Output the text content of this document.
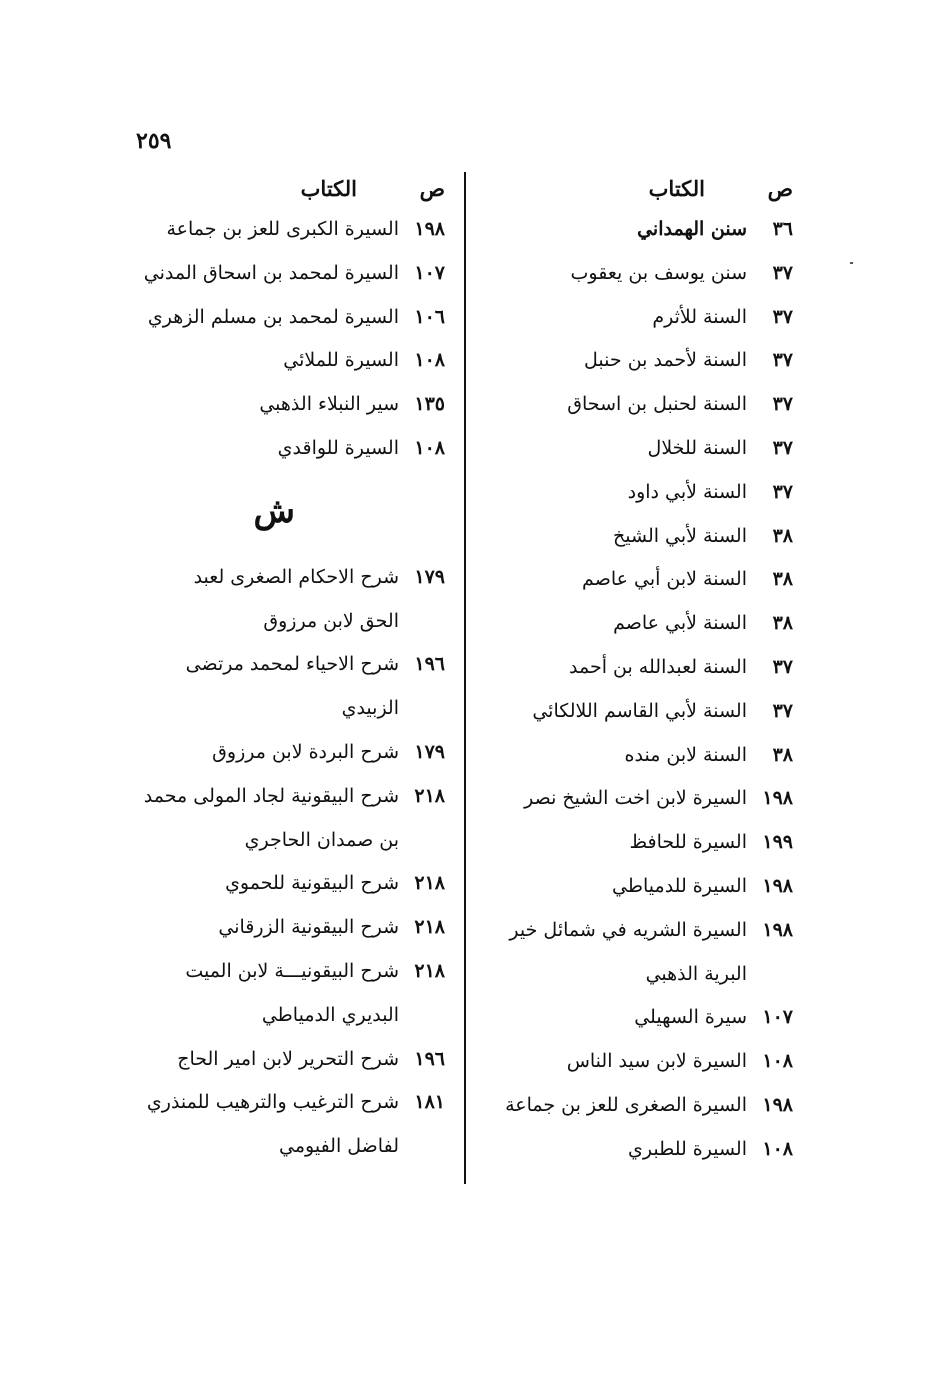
٢٥٩
ص
الكتاب
٣٦
سنن الهمداني
٣٧
سنن يوسف بن يعقوب
٣٧
السنة للأثرم
٣٧
السنة لأحمد بن حنبل
٣٧
السنة لحنبل بن اسحاق
٣٧
السنة للخلال
٣٧
السنة لأبي داود
٣٨
السنة لأبي الشيخ
٣٨
السنة لابن أبي عاصم
٣٨
السنة لأبي عاصم
٣٧
السنة لعبدالله بن أحمد
٣٧
السنة لأبي القاسم اللالكائي
٣٨
السنة لابن منده
١٩٨
السيرة لابن اخت الشيخ نصر
١٩٩
السيرة للحافظ
١٩٨
السيرة للدمياطي
١٩٨
السيرة الشريه في شمائل خير
البرية الذهبي
١٠٧
سيرة السهيلي
١٠٨
السيرة لابن سيد الناس
١٩٨
السيرة الصغرى للعز بن جماعة
١٠٨
السيرة للطبري
ص
الكتاب
١٩٨
السيرة الكبرى للعز بن جماعة
١٠٧
السيرة لمحمد بن اسحاق المدني
١٠٦
السيرة لمحمد بن مسلم الزهري
١٠٨
السيرة للملائي
١٣٥
سير النبلاء الذهبي
١٠٨
السيرة للواقدي
ش
١٧٩
شرح الاحكام الصغرى لعبد
الحق لابن مرزوق
١٩٦
شرح الاحياء لمحمد مرتضى
الزبيدي
١٧٩
شرح البردة لابن مرزوق
٢١٨
شرح البيقونية لجاد المولى محمد
بن صمدان الحاجري
٢١٨
شرح البيقونية للحموي
٢١٨
شرح البيقونية الزرقاني
٢١٨
شرح البيقونيـــة لابن الميت
البديري الدمياطي
١٩٦
شرح التحرير لابن امير الحاج
١٨١
شرح الترغيب والترهيب للمنذري
لفاضل الفيومي
